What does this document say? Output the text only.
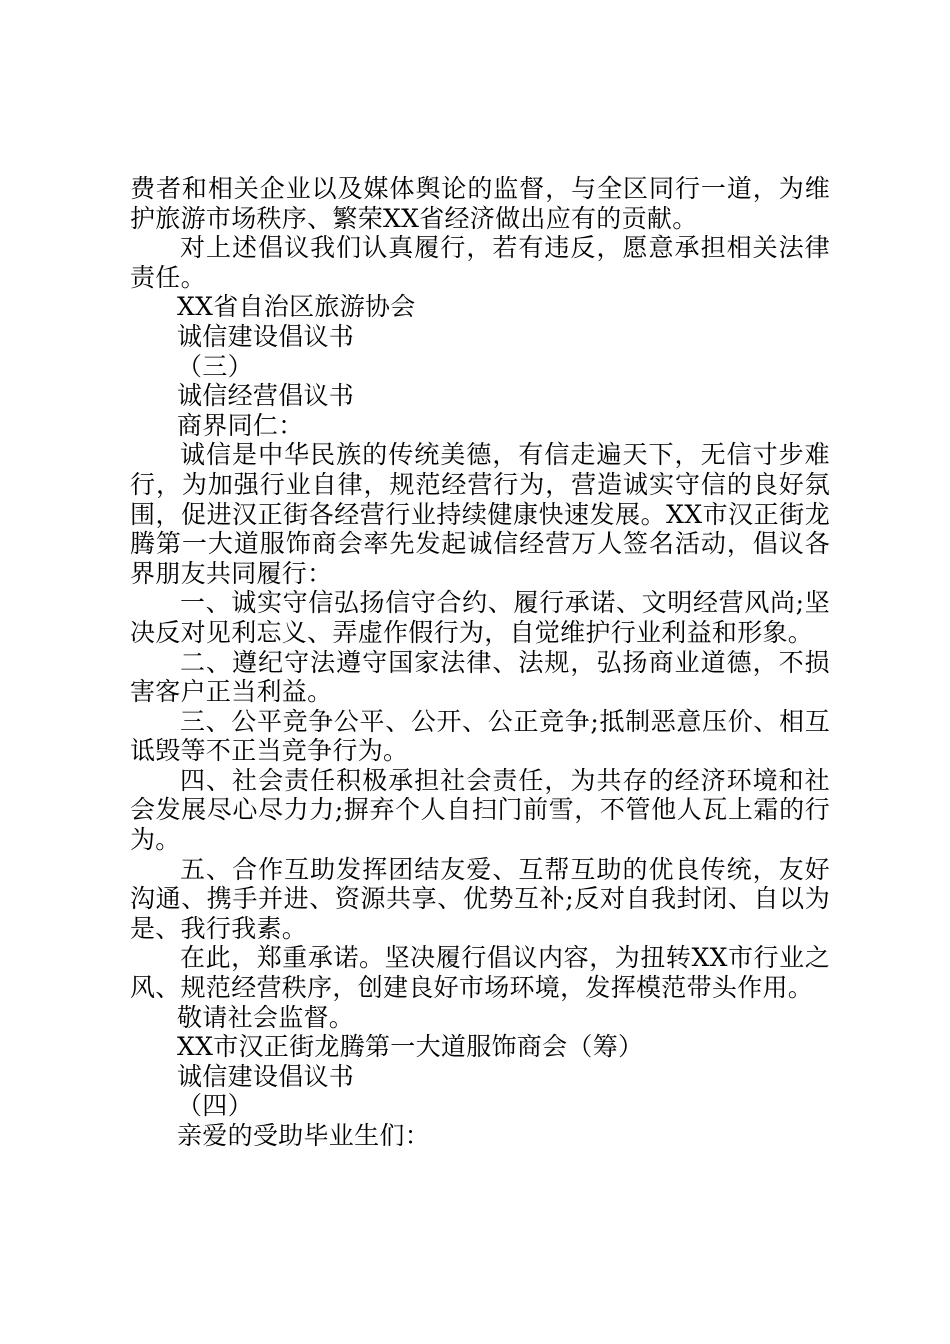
费者和相关企业以及媒体舆论的监督，与全区同行一道，为维护旅游市场秩序、繁荣XX省经济做出应有的贡献。

对上述倡议我们认真履行，若有违反，愿意承担相关法律责任。

XX省自治区旅游协会

诚信建设倡议书

（三）

诚信经营倡议书

商界同仁：

诚信是中华民族的传统美德，有信走遍天下，无信寸步难行，为加强行业自律，规范经营行为，营造诚实守信的良好氛围，促进汉正街各经营行业持续健康快速发展。XX市汉正街龙腾第一大道服饰商会率先发起诚信经营万人签名活动，倡议各界朋友共同履行：

一、诚实守信弘扬信守合约、履行承诺、文明经营风尚;坚决反对见利忘义、弄虚作假行为，自觉维护行业利益和形象。

二、遵纪守法遵守国家法律、法规，弘扬商业道德，不损害客户正当利益。

三、公平竞争公平、公开、公正竞争;抵制恶意压价、相互诋毁等不正当竞争行为。

四、社会责任积极承担社会责任，为共存的经济环境和社会发展尽心尽力力;摒弃个人自扫门前雪，不管他人瓦上霜的行为。

五、合作互助发挥团结友爱、互帮互助的优良传统，友好沟通、携手并进、资源共享、优势互补;反对自我封闭、自以为是、我行我素。

在此，郑重承诺。坚决履行倡议内容，为扭转XX市行业之风、规范经营秩序，创建良好市场环境，发挥模范带头作用。

敬请社会监督。

XX市汉正街龙腾第一大道服饰商会（筹）

诚信建设倡议书

（四）

亲爱的受助毕业生们：
